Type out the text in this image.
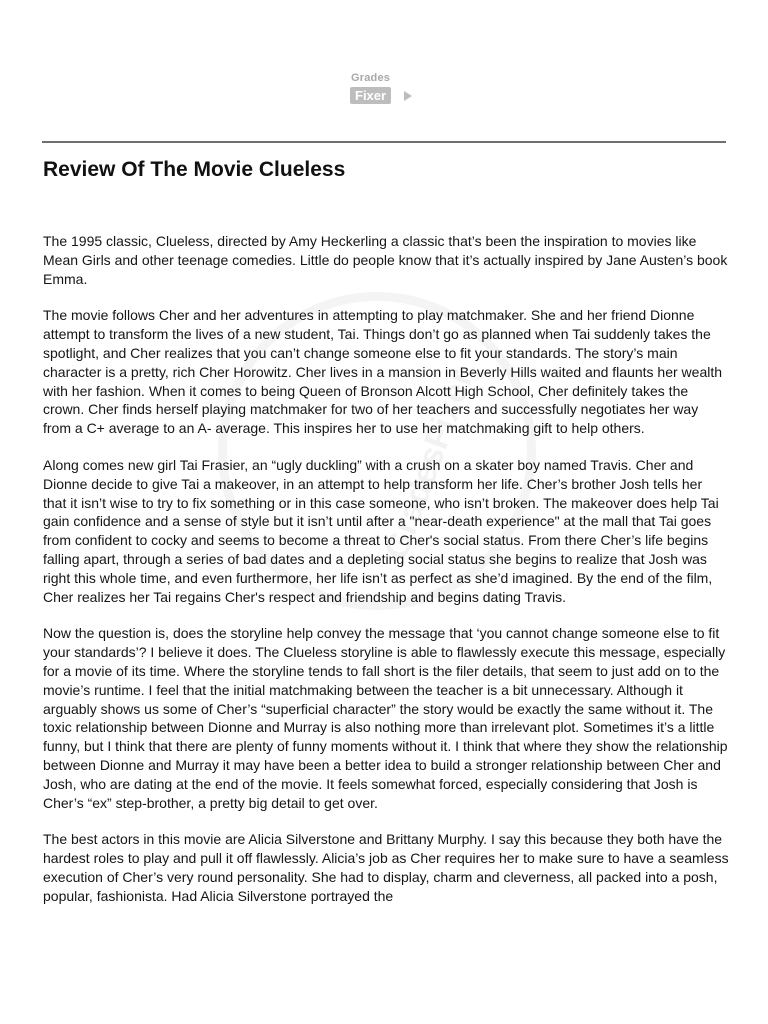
GradesFixer
Grades
Fixer
Review Of The Movie Clueless

The 1995 classic, Clueless, directed by Amy Heckerling a classic that’s been the inspiration to movies like Mean Girls and other teenage comedies. Little do people know that it’s actually inspired by Jane Austen’s book Emma.

The movie follows Cher and her adventures in attempting to play matchmaker. She and her friend Dionne attempt to transform the lives of a new student, Tai. Things don’t go as planned when Tai suddenly takes the spotlight, and Cher realizes that you can’t change someone else to fit your standards. The story’s main character is a pretty, rich Cher Horowitz. Cher lives in a mansion in Beverly Hills waited and flaunts her wealth with her fashion. When it comes to being Queen of Bronson Alcott High School, Cher definitely takes the crown. Cher finds herself playing matchmaker for two of her teachers and successfully negotiates her way from a C+ average to an A- average. This inspires her to use her matchmaking gift to help others.

Along comes new girl Tai Frasier, an “ugly duckling” with a crush on a skater boy named Travis. Cher and Dionne decide to give Tai a makeover, in an attempt to help transform her life. Cher’s brother Josh tells her that it isn’t wise to try to fix something or in this case someone, who isn’t broken. The makeover does help Tai gain confidence and a sense of style but it isn’t until after a "near-death experience" at the mall that Tai goes from confident to cocky and seems to become a threat to Cher's social status. From there Cher’s life begins falling apart, through a series of bad dates and a depleting social status she begins to realize that Josh was right this whole time, and even furthermore, her life isn’t as perfect as she’d imagined. By the end of the film, Cher realizes her Tai regains Cher's respect and friendship and begins dating Travis.

Now the question is, does the storyline help convey the message that ‘you cannot change someone else to fit your standards’? I believe it does. The Clueless storyline is able to flawlessly execute this message, especially for a movie of its time. Where the storyline tends to fall short is the filer details, that seem to just add on to the movie’s runtime. I feel that the initial matchmaking between the teacher is a bit unnecessary. Although it arguably shows us some of Cher’s “superficial character” the story would be exactly the same without it. The toxic relationship between Dionne and Murray is also nothing more than irrelevant plot. Sometimes it’s a little funny, but I think that there are plenty of funny moments without it. I think that where they show the relationship between Dionne and Murray it may have been a better idea to build a stronger relationship between Cher and Josh, who are dating at the end of the movie. It feels somewhat forced, especially considering that Josh is Cher’s “ex” step-brother, a pretty big detail to get over.

The best actors in this movie are Alicia Silverstone and Brittany Murphy. I say this because they both have the hardest roles to play and pull it off flawlessly. Alicia’s job as Cher requires her to make sure to have a seamless execution of Cher’s very round personality. She had to display, charm and cleverness, all packed into a posh, popular, fashionista. Had Alicia Silverstone portrayed the
